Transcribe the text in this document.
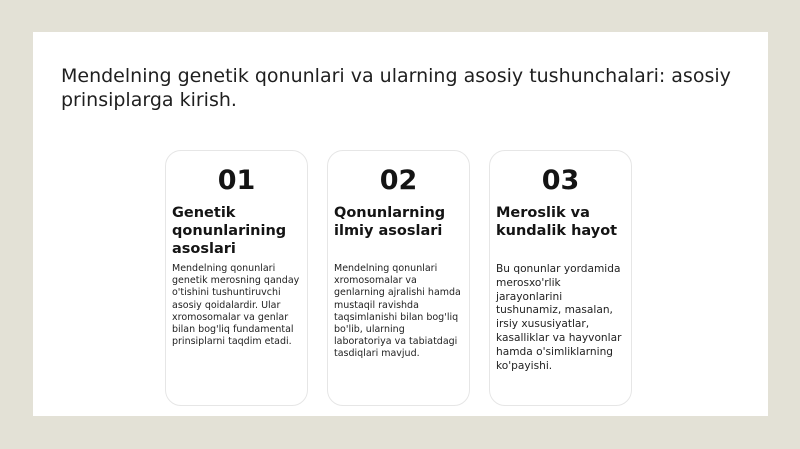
Mendelning genetik qonunlari va ularning asosiy tushunchalari: asosiy prinsiplarga kirish.
01
Genetik qonunlarining asoslari
Mendelning qonunlari genetik merosning qanday o'tishini tushuntiruvchi asosiy qoidalardir. Ular xromosomalar va genlar bilan bog'liq fundamental prinsiplarni taqdim etadi.
02
Qonunlarning ilmiy asoslari
Mendelning qonunlari xromosomalar va genlarning ajralishi hamda mustaqil ravishda taqsimlanishi bilan bog'liq bo'lib, ularning laboratoriya va tabiatdagi tasdiqlari mavjud.
03
Meroslik va kundalik hayot
Bu qonunlar yordamida merosxo'rlik jarayonlarini tushunamiz, masalan, irsiy xususiyatlar, kasalliklar va hayvonlar hamda o'simliklarning ko'payishi.
